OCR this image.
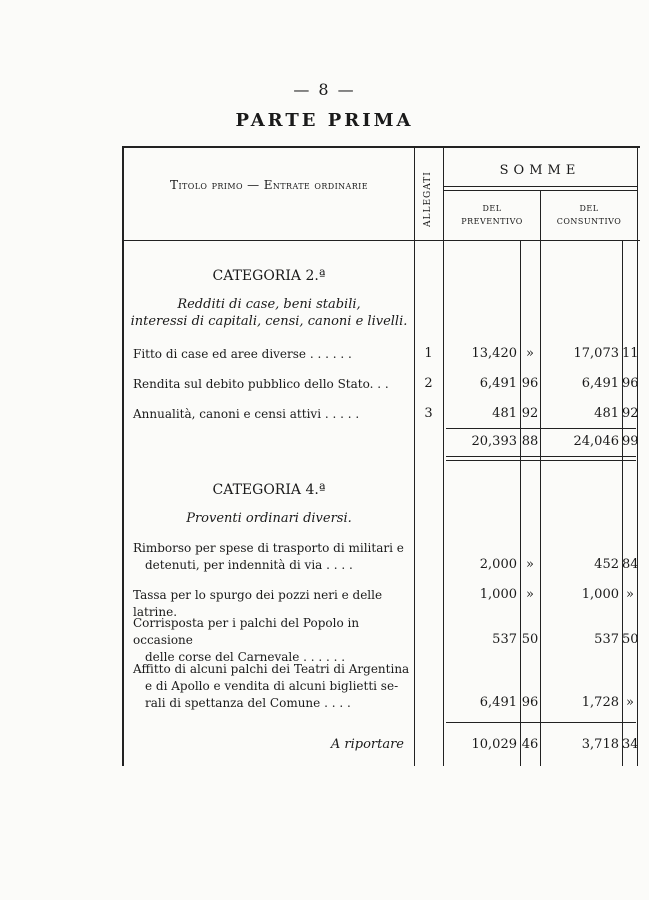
— 8 —
PARTE PRIMA
Titolo primo — Entrate ordinarie	ALLEGATI
SOMME
DEL
PREVENTIVO
DEL
CONSUNTIVO
CATEGORIA 2.ª
Redditi di case, beni stabili,
interessi di capitali, censi, canoni e livelli.
Fitto di case ed aree diverse . . . . . .	1	13,420 »	17,073 11
Rendita sul debito pubblico dello Stato. . .	2	6,491 96	6,491 96
Annualità, canoni e censi attivi . . . . .	3	481 92	481 92
20,393 88	24,046 99
CATEGORIA 4.ª
Proventi ordinari diversi.
Rimborso per spese di trasporto di militari e
detenuti, per indennità di via . . . .	2,000 »	452 84
Tassa per lo spurgo dei pozzi neri e delle latrine.
1,000 »	1,000 »
Corrisposta per i palchi del Popolo in occasione
delle corse del Carnevale . . . . . .
537 50	537 50
Affitto di alcuni palchi dei Teatri di Argentina
e di Apollo e vendita di alcuni biglietti se-
rali di spettanza del Comune . . . .	6,491 96	1,728 »
A riportare	10,029 46	3,718 34
